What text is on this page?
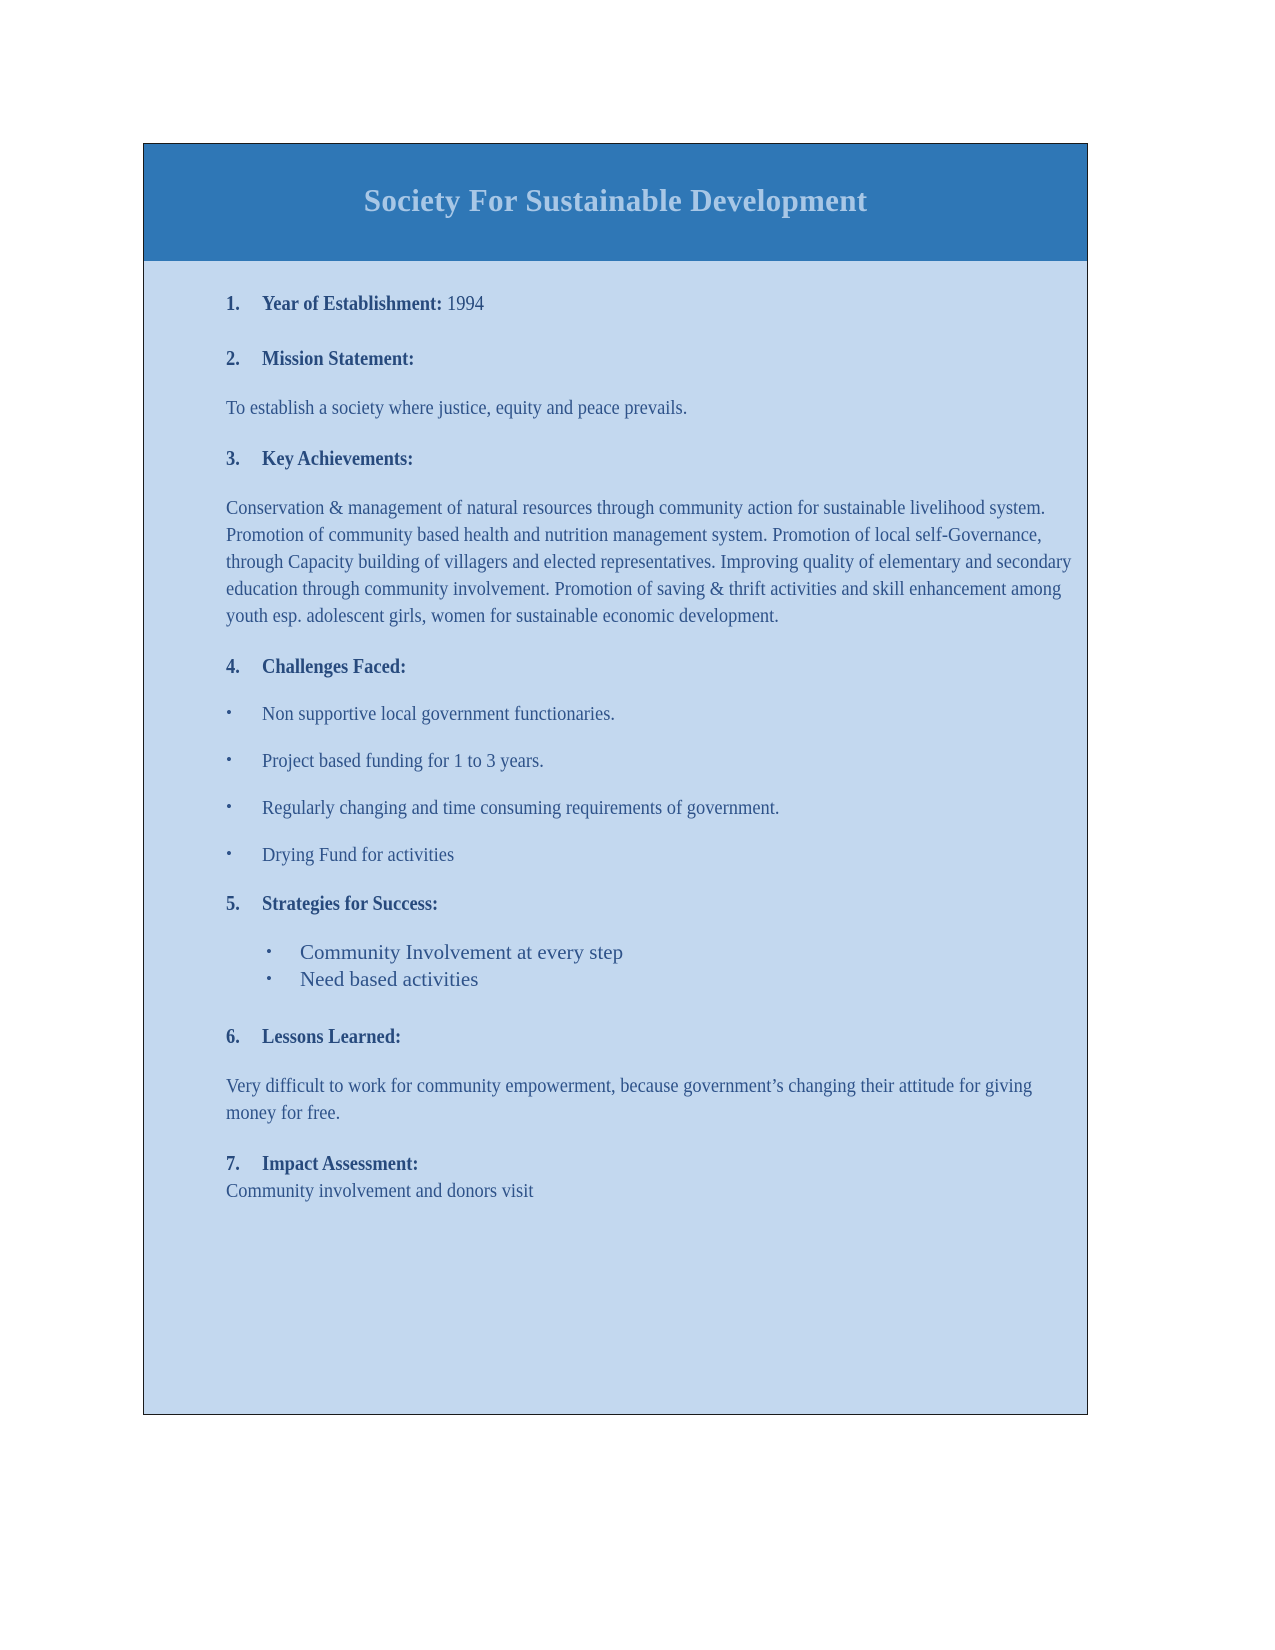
Society For Sustainable Development
1.	Year of Establishment: 1994
2.	Mission Statement:

To establish a society where justice, equity and peace prevails.

3.	Key Achievements:

Conservation & management of natural resources through community action for sustainable livelihood system. Promotion of community based health and nutrition management system. Promotion of local self-Governance, through Capacity building of villagers and elected representatives. Improving quality of elementary and secondary education through community involvement. Promotion of saving & thrift activities and skill enhancement among youth esp. adolescent girls, women for sustainable economic development.

4.	Challenges Faced:
•	Non supportive local government functionaries.
•	Project based funding for 1 to 3 years.
•	Regularly changing and time consuming requirements of government.
•	Drying Fund for activities
5.	Strategies for Success:
•	Community Involvement at every step
•	Need based activities
6.	Lessons Learned:

Very difficult to work for community empowerment, because government’s changing their attitude for giving money for free.

7.	Impact Assessment:

Community involvement and donors visit
